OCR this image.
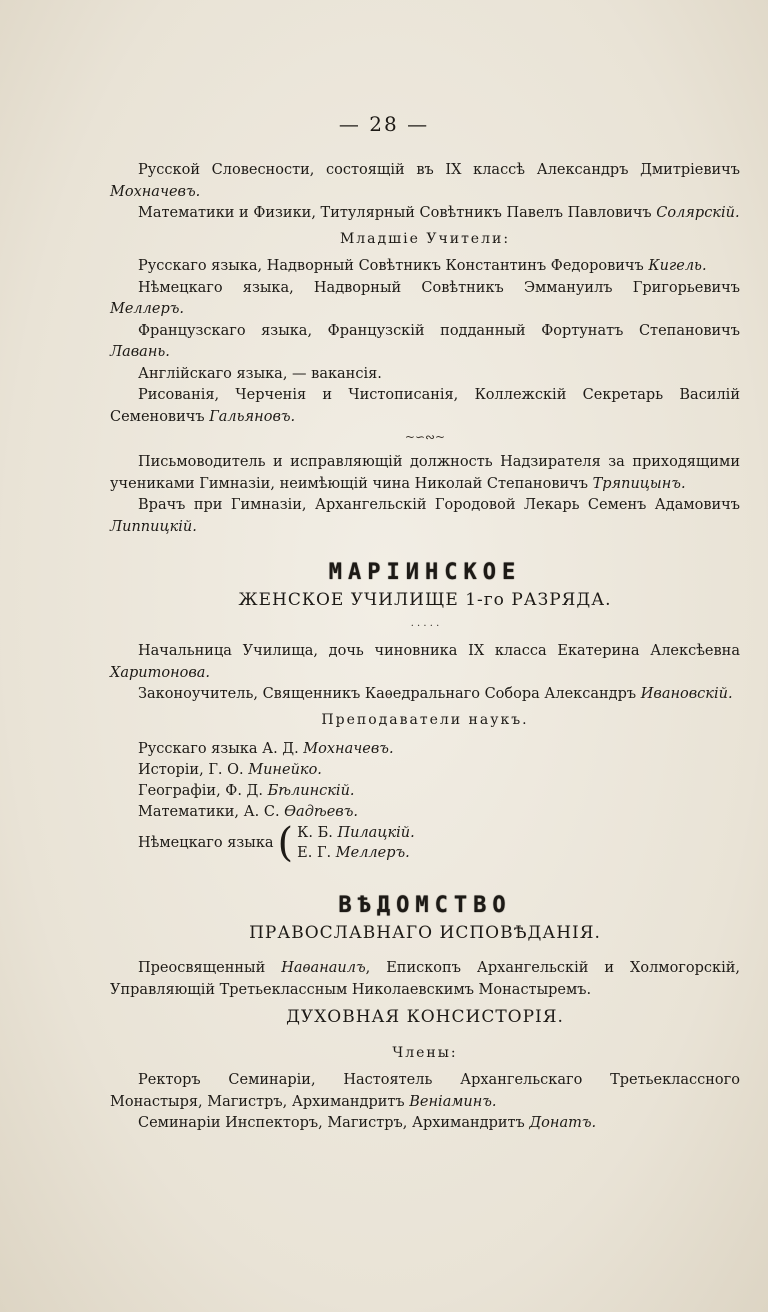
— 28 —

Русской Словесности, состоящій въ IX классѣ Александръ Дмитріевичъ Мохначевъ.

Математики и Физики, Титулярный Совѣтникъ Павелъ Павловичъ Солярскій.

Младшіе Учители:

Русскаго языка, Надворный Совѣтникъ Константинъ Федоровичъ Кигель.

Нѣмецкаго языка, Надворный Совѣтникъ Эммануилъ Григорьевичъ Меллеръ.

Французскаго языка, Французскій подданный Фортунатъ Степановичъ Лавань.

Англійскаго языка, — вакансія.

Рисованія, Черченія и Чистописанія, Коллежскій Секретарь Василій Семеновичъ Гальяновъ.

~∽∾~

Письмоводитель и исправляющій должность Надзирателя за приходящими учениками Гимназіи, неимѣющій чина Николай Степановичъ Тряпицынъ.

Врачъ при Гимназіи, Архангельскій Городовой Лекарь Семенъ Адамовичъ Липпицкій.

МАРІИНСКОЕ
ЖЕНСКОЕ УЧИЛИЩЕ 1-го РАЗРЯДА.
· · · · ·

Начальница Училища, дочь чиновника IX класса Екатерина Алексѣевна Харитонова.

Законоучитель, Священникъ Каѳедральнаго Собора Александръ Ивановскій.

Преподаватели наукъ.
Русскаго языка А. Д. Мохначевъ.
Исторіи, Г. О. Минейко.
Географіи, Ф. Д. Бѣлинскій.
Математики, А. С. Ѳадѣевъ.
Нѣмецкаго языка ( К. Б. Пилацкій.
Е. Г. Меллеръ.
ВѢДОМСТВО
ПРАВОСЛАВНАГО ИСПОВѢДАНІЯ.

Преосвященный Наѳанаилъ, Епископъ Архангельскій и Холмогорскій, Управляющій Третьеклассным Николаевскимъ Монастыремъ.

ДУХОВНАЯ КОНСИСТОРІЯ.
Члены:

Ректоръ Семинаріи, Настоятель Архангельскаго Третьеклассного Монастыря, Магистръ, Архимандритъ Веніаминъ.

Семинаріи Инспекторъ, Магистръ, Архимандритъ Донатъ.
